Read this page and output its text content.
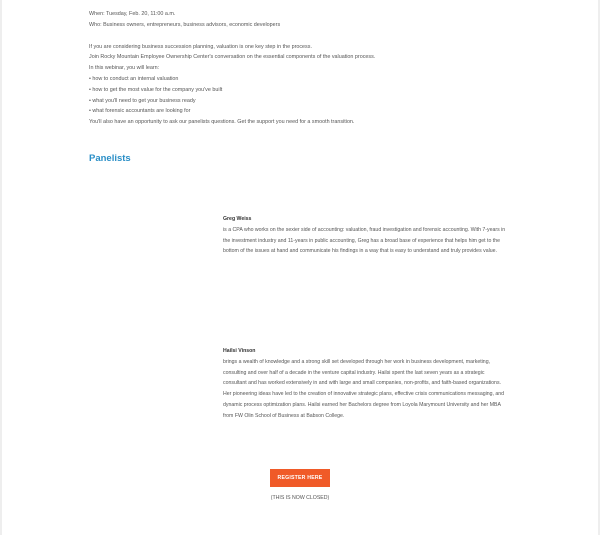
When: Tuesday, Feb. 20, 11:00 a.m.

Who: Business owners, entrepreneurs, business advisors, economic developers

If you are considering business succession planning, valuation is one key step in the process.

Join Rocky Mountain Employee Ownership Center's conversation on the essential components of the valuation process.

In this webinar, you will learn:

• how to conduct an internal valuation

• how to get the most value for the company you've built

• what you'll need to get your business ready

• what forensic accountants are looking for

You'll also have an opportunity to ask our panelists questions. Get the support you need for a smooth transition.

Panelists

Greg Weiss

is a CPA who works on the sexier side of accounting: valuation, fraud investigation and forensic accounting. With 7-years in the investment industry and 11-years in public accounting, Greg has a broad base of experience that helps him get to the bottom of the issues at hand and communicate his findings in a way that is easy to understand and truly provides value.

Hailsi Vinson

brings a wealth of knowledge and a strong skill set developed through her work in business development, marketing, consulting and over half of a decade in the venture capital industry. Hailsi spent the last seven years as a strategic consultant and has worked extensively in and with large and small companies, non-profits, and faith-based organizations. Her pioneering ideas have led to the creation of innovative strategic plans, effective crisis communications messaging, and dynamic process optimization plans. Hailsi earned her Bachelors degree from Loyola Marymount University and her MBA from FW Olin School of Business at Babson College.

REGISTER HERE
(THIS IS NOW CLOSED)
